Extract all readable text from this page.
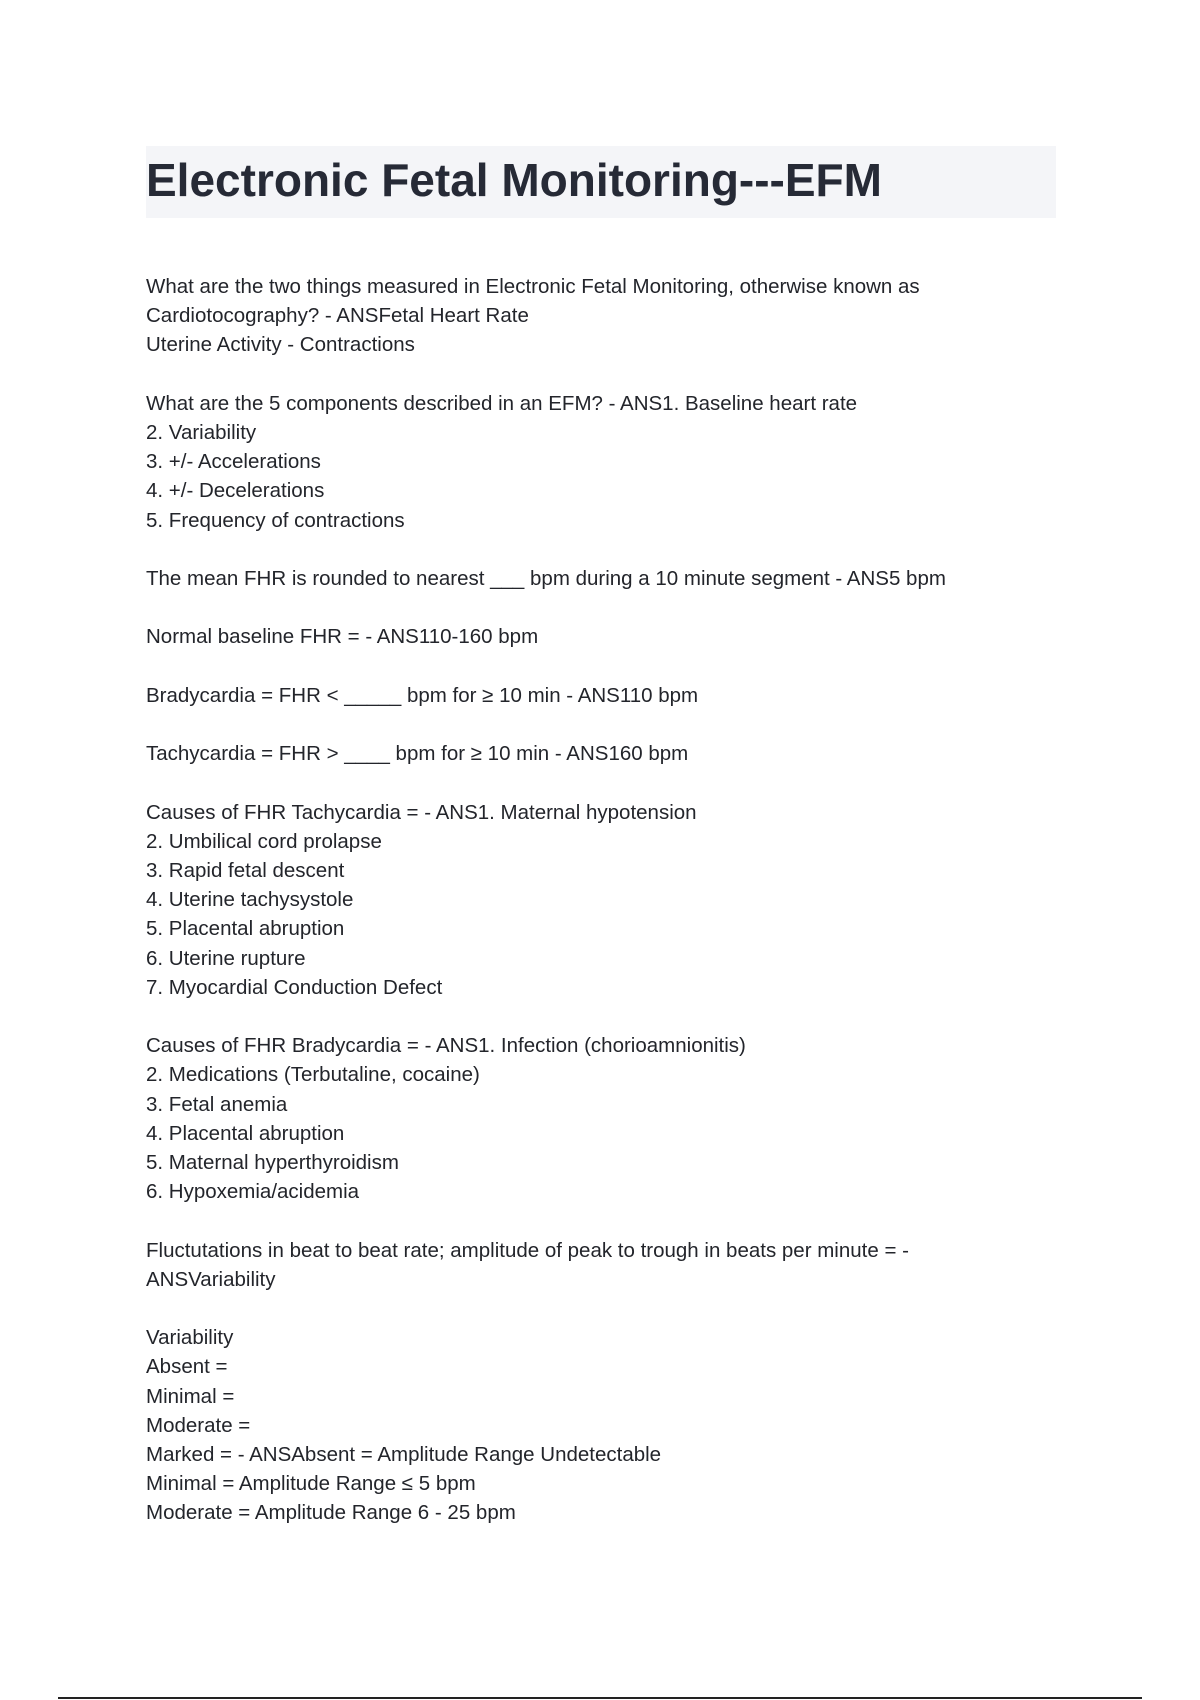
Electronic Fetal Monitoring---EFM
What are the two things measured in Electronic Fetal Monitoring, otherwise known as
Cardiotocography? - ANSFetal Heart Rate
Uterine Activity - Contractions
What are the 5 components described in an EFM? - ANS1. Baseline heart rate
2. Variability
3. +/- Accelerations
4. +/- Decelerations
5. Frequency of contractions
The mean FHR is rounded to nearest ___ bpm during a 10 minute segment - ANS5 bpm
Normal baseline FHR = - ANS110-160 bpm
Bradycardia = FHR < _____ bpm for ≥ 10 min - ANS110 bpm
Tachycardia = FHR > ____ bpm for ≥ 10 min - ANS160 bpm
Causes of FHR Tachycardia = - ANS1. Maternal hypotension
2. Umbilical cord prolapse
3. Rapid fetal descent
4. Uterine tachysystole
5. Placental abruption
6. Uterine rupture
7. Myocardial Conduction Defect
Causes of FHR Bradycardia = - ANS1. Infection (chorioamnionitis)
2. Medications (Terbutaline, cocaine)
3. Fetal anemia
4. Placental abruption
5. Maternal hyperthyroidism
6. Hypoxemia/acidemia
Fluctutations in beat to beat rate; amplitude of peak to trough in beats per minute = -
ANSVariability
Variability
Absent =
Minimal =
Moderate =
Marked = - ANSAbsent = Amplitude Range Undetectable
Minimal = Amplitude Range ≤ 5 bpm
Moderate = Amplitude Range 6 - 25 bpm
